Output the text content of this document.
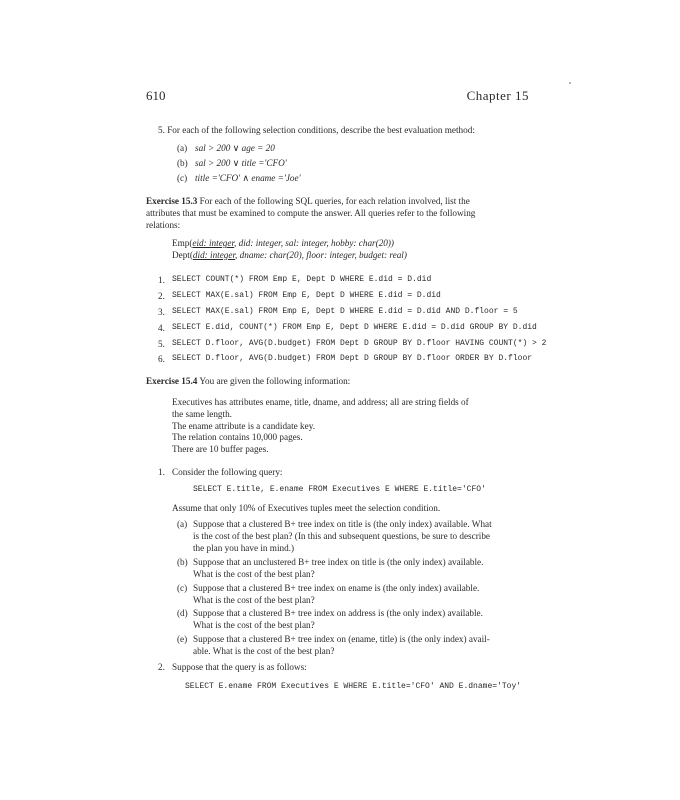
610	Chapter 15
5. For each of the following selection conditions, describe the best evaluation method:
(a) sal > 200 ∨ age = 20
(b) sal > 200 ∨ title ='CFO'
(c) title ='CFO' ∧ ename ='Joe'
Exercise 15.3 For each of the following SQL queries, for each relation involved, list the
attributes that must be examined to compute the answer. All queries refer to the following
relations:
Emp(eid: integer, did: integer, sal: integer, hobby: char(20))
Dept(did: integer, dname: char(20), floor: integer, budget: real)
1. SELECT COUNT(*) FROM Emp E, Dept D WHERE E.did = D.did
2. SELECT MAX(E.sal) FROM Emp E, Dept D WHERE E.did = D.did
3. SELECT MAX(E.sal) FROM Emp E, Dept D WHERE E.did = D.did AND D.floor = 5
4. SELECT E.did, COUNT(*) FROM Emp E, Dept D WHERE E.did = D.did GROUP BY D.did
5. SELECT D.floor, AVG(D.budget) FROM Dept D GROUP BY D.floor HAVING COUNT(*) > 2
6. SELECT D.floor, AVG(D.budget) FROM Dept D GROUP BY D.floor ORDER BY D.floor
Exercise 15.4 You are given the following information:
Executives has attributes ename, title, dname, and address; all are string fields of
the same length.
The ename attribute is a candidate key.
The relation contains 10,000 pages.
There are 10 buffer pages.
1. Consider the following query:
SELECT E.title, E.ename FROM Executives E WHERE E.title='CFO'
Assume that only 10% of Executives tuples meet the selection condition.
(a) Suppose that a clustered B+ tree index on title is (the only index) available. What
is the cost of the best plan? (In this and subsequent questions, be sure to describe
the plan you have in mind.)
(b) Suppose that an unclustered B+ tree index on title is (the only index) available.
What is the cost of the best plan?
(c) Suppose that a clustered B+ tree index on ename is (the only index) available.
What is the cost of the best plan?
(d) Suppose that a clustered B+ tree index on address is (the only index) available.
What is the cost of the best plan?
(e) Suppose that a clustered B+ tree index on (ename, title) is (the only index) avail-
able. What is the cost of the best plan?
2. Suppose that the query is as follows:
SELECT E.ename FROM Executives E WHERE E.title='CFO' AND E.dname='Toy'
